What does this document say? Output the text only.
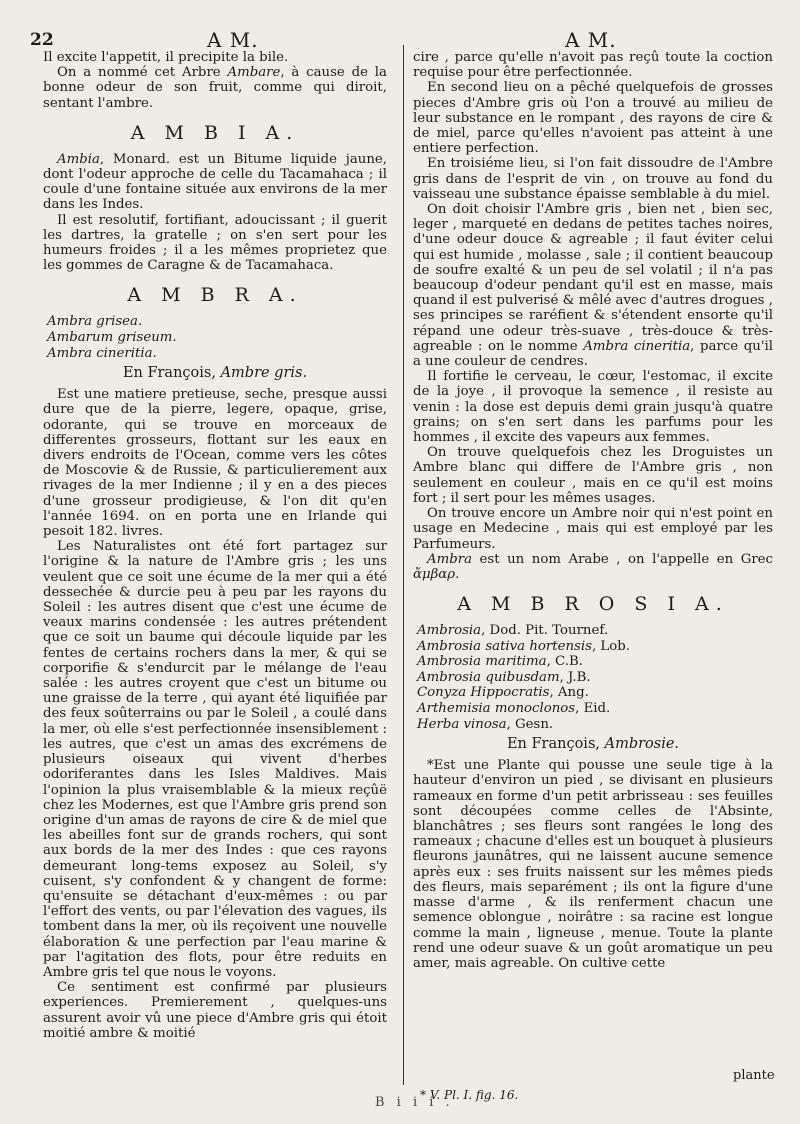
22	A M.	A M.

Il excite l'appetit, il precipite la bile.

On a nommé cet Arbre Ambare, à cause de la bonne odeur de son fruit, comme qui diroit, sentant l'ambre.

A M B I A.

Ambia, Monard. est un Bitume liquide jaune, dont l'odeur approche de celle du Tacamahaca ; il coule d'une fontaine située aux environs de la mer dans les Indes.

Il est resolutif, fortifiant, adoucissant ; il guerit les dartres, la gratelle ; on s'en sert pour les humeurs froides ; il a les mêmes proprietez que les gommes de Caragne & de Tacamahaca.

A M B R A.
Ambra grisea.
Ambarum griseum.
Ambra cineritia.
En François, Ambre gris.

Est une matiere pretieuse, seche, presque aussi dure que de la pierre, legere, opaque, grise, odorante, qui se trouve en morceaux de differentes grosseurs, flottant sur les eaux en divers endroits de l'Ocean, comme vers les côtes de Moscovie & de Russie, & particulierement aux rivages de la mer Indienne ; il y en a des pieces d'une grosseur prodigieuse, & l'on dit qu'en l'année 1694. on en porta une en Irlande qui pesoit 182. livres.

Les Naturalistes ont été fort partagez sur l'origine & la nature de l'Ambre gris ; les uns veulent que ce soit une écume de la mer qui a été dessechée & durcie peu à peu par les rayons du Soleil : les autres disent que c'est une écume de veaux marins condensée : les autres prétendent que ce soit un baume qui découle liquide par les fentes de certains rochers dans la mer, & qui se corporifie & s'endurcit par le mélange de l'eau salée : les autres croyent que c'est un bitume ou une graisse de la terre , qui ayant été liquifiée par des feux soûterrains ou par le Soleil , a coulé dans la mer, où elle s'est perfectionnée insensiblement : les autres, que c'est un amas des excrémens de plusieurs oiseaux qui vivent d'herbes odoriferantes dans les Isles Maldives. Mais l'opinion la plus vraisemblable & la mieux reçûë chez les Modernes, est que l'Ambre gris prend son origine d'un amas de rayons de cire & de miel que les abeilles font sur de grands rochers, qui sont aux bords de la mer des Indes : que ces rayons demeurant long-tems exposez au Soleil, s'y cuisent, s'y confondent & y changent de forme: qu'ensuite se détachant d'eux-mêmes : ou par l'effort des vents, ou par l'élevation des vagues, ils tombent dans la mer, où ils reçoivent une nouvelle élaboration & une perfection par l'eau marine & par l'agitation des flots, pour être reduits en Ambre gris tel que nous le voyons.

Ce sentiment est confirmé par plusieurs experiences. Premierement , quelques-uns assurent avoir vû une piece d'Ambre gris qui étoit moitié ambre & moitié

cire , parce qu'elle n'avoit pas reçû toute la coction requise pour être perfectionnée.

En second lieu on a pêché quelquefois de grosses pieces d'Ambre gris où l'on a trouvé au milieu de leur substance en le rompant , des rayons de cire & de miel, parce qu'elles n'avoient pas atteint à une entiere perfection.

En troisiéme lieu, si l'on fait dissoudre de l'Ambre gris dans de l'esprit de vin , on trouve au fond du vaisseau une substance épaisse semblable à du miel.

On doit choisir l'Ambre gris , bien net , bien sec, leger , marqueté en dedans de petites taches noires, d'une odeur douce & agreable ; il faut éviter celui qui est humide , molasse , sale ; il contient beaucoup de soufre exalté & un peu de sel volatil ; il n'a pas beaucoup d'odeur pendant qu'il est en masse, mais quand il est pulverisé & mêlé avec d'autres drogues , ses principes se raréfient & s'étendent ensorte qu'il répand une odeur très-suave , très-douce & très-agreable : on le nomme Ambra cineritia, parce qu'il a une couleur de cendres.

Il fortifie le cerveau, le cœur, l'estomac, il excite de la joye , il provoque la semence , il resiste au venin : la dose est depuis demi grain jusqu'à quatre grains; on s'en sert dans les parfums pour les hommes , il excite des vapeurs aux femmes.

On trouve quelquefois chez les Droguistes un Ambre blanc qui differe de l'Ambre gris , non seulement en couleur , mais en ce qu'il est moins fort ; il sert pour les mêmes usages.

On trouve encore un Ambre noir qui n'est point en usage en Medecine , mais qui est employé par les Parfumeurs.

Ambra est un nom Arabe , on l'appelle en Grec ἄμβαρ.

A M B R O S I A.
Ambrosia, Dod. Pit. Tournef.
Ambrosia sativa hortensis, Lob.
Ambrosia maritima, C.B.
Ambrosia quibusdam, J.B.
Conyza Hippocratis, Ang.
Arthemisia monoclonos, Eid.
Herba vinosa, Gesn.
En François, Ambrosie.

*Est une Plante qui pousse une seule tige à la hauteur d'environ un pied , se divisant en plusieurs rameaux en forme d'un petit arbrisseau : ses feuilles sont découpées comme celles de l'Absinte, blanchâtres ; ses fleurs sont rangées le long des rameaux ; chacune d'elles est un bouquet à plusieurs fleurons jaunâtres, qui ne laissent aucune semence après eux : ses fruits naissent sur les mêmes pieds des fleurs, mais separément ; ils ont la figure d'une masse d'arme , & ils renferment chacun une semence oblongue , noirâtre : sa racine est longue comme la main , ligneuse , menue. Toute la plante rend une odeur suave & un goût aromatique un peu amer, mais agreable. On cultive cette

plante
B i i i .
* V. Pl. I. fig. 16.
